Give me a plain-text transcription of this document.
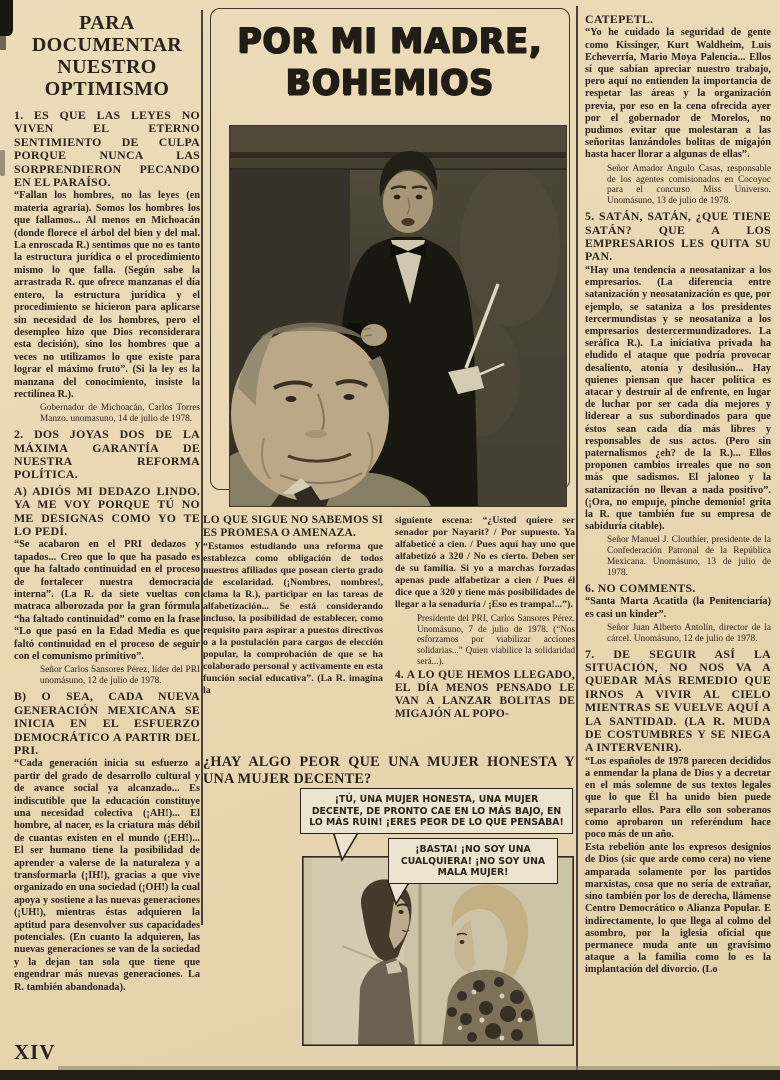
PARA DOCUMENTAR NUESTRO OPTIMISMO

1. ES QUE LAS LEYES NO VIVEN EL ETERNO SENTIMIENTO DE CULPA PORQUE NUNCA LAS SORPRENDIERON PECANDO EN EL PARAÍSO.

“Fallan los hombres, no las leyes (en materia agraria). Somos los hombres los que fallamos... Al menos en Michoacán (donde florece el árbol del bien y del mal. La enroscada R.) sentimos que no es tanto la estructura jurídica o el procedimiento mismo lo que falla. (Según sabe la arrastrada R. que ofrece manzanas el día entero, la estructura jurídica y el procedimiento se hicieron para aplicarse sin necesidad de los hombres, pero el desempleo hizo que Dios reconsiderara esta decisión), sino los hombres que a veces no utilizamos lo que existe para lograr el máximo fruto”. (Si la ley es la manzana del conocimiento, insiste la rectilínea R.).

Gobernador de Michoacán, Carlos Torres Manzo. unomasuno, 14 de julio de 1978.

2. DOS JOYAS DOS DE LA MÁXIMA GARANTÍA DE NUESTRA REFORMA POLÍTICA.

A) ADIÓS MI DEDAZO LINDO. YA ME VOY PORQUE TÚ NO ME DESIGNAS COMO YO TE LO PEDÍ.

“Se acabaron en el PRI dedazos y tapados... Creo que lo que ha pasado es que ha faltado continuidad en el proceso de fortalecer nuestra democracia interna”. (La R. da siete vueltas con matraca alborozada por la gran fórmula “ha faltado continuidad” como en la frase “Lo que pasó en la Edad Media es que faltó continuidad en el proceso de seguir con el comunismo primitivo”.

Señor Carlos Sansores Pérez, líder del PRI unomásuno, 12 de julio de 1978.

B) O SEA, CADA NUEVA GENERACIÓN MEXICANA SE INICIA EN EL ESFUERZO DEMOCRÁTICO A PARTIR DEL PRI.

“Cada generación inicia su esfuerzo a partir del grado de desarrollo cultural y de avance social ya alcanzado... Es indiscutible que la educación constituye una necesidad colectiva (¡AH!)... El hombre, al nacer, es la criatura más débil de cuantas existen en el mundo (¡EH!)... El ser humano tiene la posibilidad de aprender a valerse de la naturaleza y a transformarla (¡IH!), gracias a que vive organizado en una sociedad (¡OH!) la cual apoya y sostiene a las nuevas generaciones (¡UH!), mientras éstas adquieren la aptitud para desenvolver sus capacidades potenciales. (En cuanto la adquieren, las nuevas generaciones se van de la sociedad y la dejan tan sola que tiene que engendrar más nuevas generaciones. La R. también abandonada).

XIV
POR MI MADRE,
BOHEMIOS

LO QUE SIGUE NO SABEMOS SI ES PROMESA O AMENAZA.

“Estamos estudiando una reforma que establezca como obligación de todos nuestros afiliados que posean cierto grado de escolaridad. (¡Nombres, nombres!, clama la R.), participar en las tareas de alfabetización... Se está considerando incluso, la posibilidad de establecer, como requisito para aspirar a puestos directivos o a la postulación para cargos de elección popular, la comprobación de que se ha colaborado personal y activamente en esta función social educativa”. (La R. imagina la

siguiente escena: “¿Usted quiere ser senador por Nayarit? / Por supuesto. Ya alfabeticé a cien. / Pues aquí hay uno que alfabetizó a 320 / No es cierto. Deben ser de su familia. Si yo a marchas forzadas apenas pude alfabetizar a cien / Pues él dice que a 320 y tiene más posibilidades de llegar a la senaduría / ¡Eso es trampa!...”).

Presidente del PRI, Carlos Sansores Pérez. Unomásuno, 7 de julio de 1978. (“Nos esforzamos por viabilizar acciones solidarias...” Quien viabilice la solidaridad será...).

4. A LO QUE HEMOS LLEGADO, EL DÍA MENOS PENSADO LE VAN A LANZAR BOLITAS DE MIGAJÓN AL POPO-

¿HAY ALGO PEOR QUE UNA MUJER HONESTA Y UNA MUJER DECENTE?
¡TÚ, UNA MUJER HONESTA, UNA MUJER DECENTE, DE PRONTO CAE EN LO MÁS BAJO, EN LO MÁS RUIN! ¡ERES PEOR DE LO QUE PENSABA!
¡BASTA! ¡NO SOY UNA CUALQUIERA! ¡NO SOY UNA MALA MUJER!

CATEPETL.

“Yo he cuidado la seguridad de gente como Kissinger, Kurt Waldheim, Luis Echeverría, Mario Moya Palencia... Ellos sí que sabían apreciar nuestro trabajo, pero aquí no entienden la importancia de respetar las áreas y la organización previa, por eso en la cena ofrecida ayer por el gobernador de Morelos, no pudimos evitar que molestaran a las señoritas lanzándoles bolitas de migajón hasta hacer llorar a algunas de ellas”.

Señor Amador Angulo Casas, responsable de los agentes comisionados en Cocoyoc para el concurso Miss Universo. Unomásuno, 13 de julio de 1978.

5. SATÁN, SATÁN, ¿QUE TIENE SATÁN? QUE A LOS EMPRESARIOS LES QUITA SU PAN.

“Hay una tendencia a neosatanizar a los empresarios. (La diferencia entre satanización y neosatanización es que, por ejemplo, se sataniza a los presidentes tercermundistas y se neosataniza a los empresarios destercermundizadores. La seráfica R.). La iniciativa privada ha eludido el ataque que podría provocar desaliento, atonía y desilusión... Hay quienes piensan que hacer política es atacar y destruir al de enfrente, en lugar de luchar por ser cada día mejores y liderear a sus subordinados para que éstos sean cada día más libres y responsables de sus actos. (Pero sin paternalismos ¿eh? de la R.)... Ellos proponen cambios irreales que no son más que sadismos. El jaloneo y la satanización no llevan a nada positivo”. (¡Ora, no empuje, pinche demonio! grita la R. que también fue su empresa de sabiduría citable).

Señor Manuel J. Clouthier, presidente de la Confederación Patronal de la República Mexicana. Unomásuno, 13 de julio de 1978.

6. NO COMMENTS.

“Santa Marta Acatitla (la Penitenciaría) es casi un kinder”.

Señor Juan Alberto Antolín, director de la cárcel. Unomásuno, 12 de julio de 1978.

7. DE SEGUIR ASÍ LA SITUACIÓN, NO NOS VA A QUEDAR MÁS REMEDIO QUE IRNOS A VIVIR AL CIELO MIENTRAS SE VUELVE AQUÍ A LA SANTIDAD. (LA R. MUDA DE COSTUMBRES Y SE NIEGA A INTERVENIR).

“Los españoles de 1978 parecen decididos a enmendar la plana de Dios y a decretar en el más solemne de sus textos legales que lo que Él ha unido bien puede separarlo ellos. Para ello son soberanos como aprobaron un referéndum hace poco más de un año.

Esta rebelión ante los expresos designios de Dios (sic que arde como cera) no viene amparada solamente por los partidos marxistas, cosa que no sería de extrañar, sino también por los de derecha, llámense Centro Democrático o Alianza Popular. E indirectamente, lo que llega al colmo del asombro, por la iglesia oficial que permanece muda ante un gravísimo ataque a la familia como lo es la implantación del divorcio. (Lo
